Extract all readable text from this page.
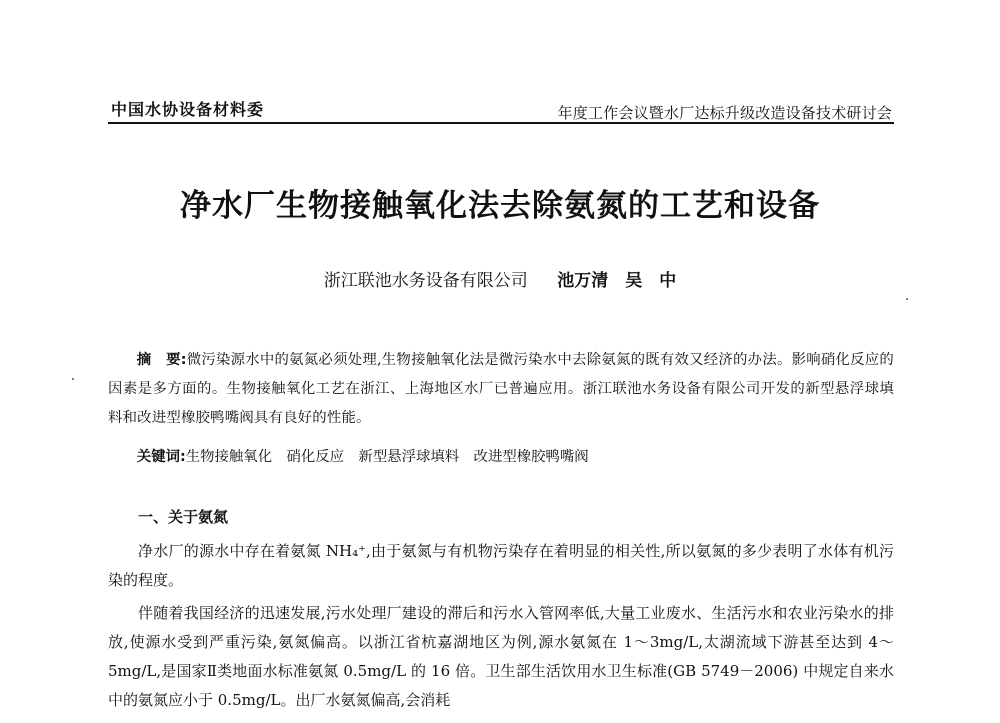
中国水协设备材料委	年度工作会议暨水厂达标升级改造设备技术研讨会
净水厂生物接触氧化法去除氨氮的工艺和设备
浙江联池水务设备有限公司 池万清　吴　中

摘　要:微污染源水中的氨氮必须处理,生物接触氧化法是微污染水中去除氨氮的既有效又经济的办法。影响硝化反应的因素是多方面的。生物接触氧化工艺在浙江、上海地区水厂已普遍应用。浙江联池水务设备有限公司开发的新型悬浮球填料和改进型橡胶鸭嘴阀具有良好的性能。

关键词:生物接触氧化　硝化反应　新型悬浮球填料　改进型橡胶鸭嘴阀

一、关于氨氮

净水厂的源水中存在着氨氮 NH₄⁺,由于氨氮与有机物污染存在着明显的相关性,所以氨氮的多少表明了水体有机污染的程度。

伴随着我国经济的迅速发展,污水处理厂建设的滞后和污水入管网率低,大量工业废水、生活污水和农业污染水的排放,使源水受到严重污染,氨氮偏高。以浙江省杭嘉湖地区为例,源水氨氮在 1～3mg/L,太湖流域下游甚至达到 4～5mg/L,是国家Ⅱ类地面水标准氨氮 0.5mg/L 的 16 倍。卫生部生活饮用水卫生标准(GB 5749－2006) 中规定自来水中的氨氮应小于 0.5mg/L。出厂水氨氮偏高,会消耗
